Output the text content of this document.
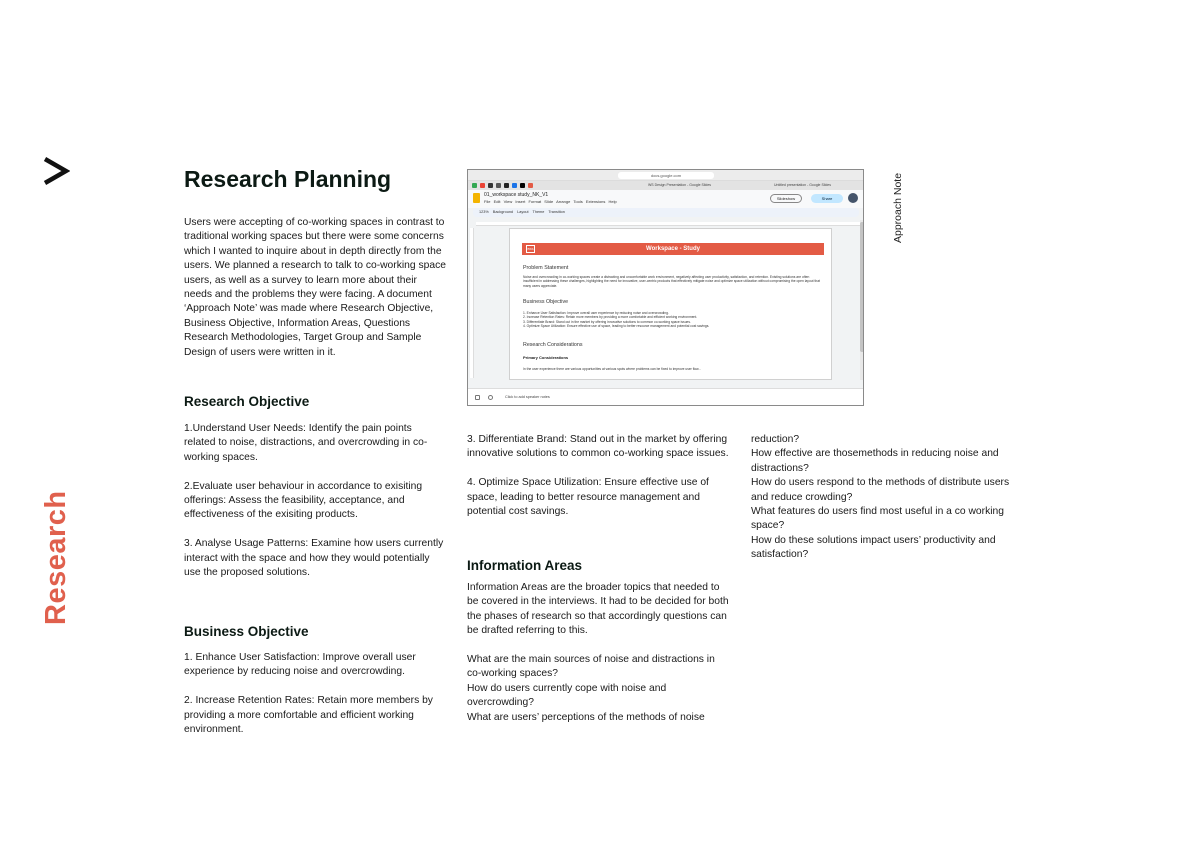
Research
Approach Note
Research Planning
Users were accepting of co-working spaces in contrast to traditional working spaces but there were some concerns which I wanted to inquire about in depth directly from the users. We planned a research to talk to co-working space users, as well as a survey to learn more about their needs and the problems they were facing. A document ‘Approach Note’ was made where Research Objective, Business Objective, Information Areas, Questions Research Methodologies, Target Group and Sample Design of users were written in it.
Research Objective

1.Understand User Needs: Identify the pain points related to noise, distractions, and overcrowding in co-working spaces.

2.Evaluate user behaviour in accordance to exisiting offerings: Assess the feasibility, acceptance, and effectiveness of the exisiting products.

3. Analyse Usage Patterns: Examine how users currently interact with the space and how they would potentially use the proposed solutions.

Business Objective

1. Enhance User Satisfaction: Improve overall user experience by reducing noise and overcrowding.

2. Increase Retention Rates: Retain more members by providing a more comfortable and efficient working environment.

3. Differentiate Brand: Stand out in the market by offering innovative solutions to common co-working space issues.

4. Optimize Space Utilization: Ensure effective use of space, leading to better resource management and potential cost savings.

Information Areas
Information Areas are the broader topics that needed to be covered in the interviews. It had to be decided for both the phases of research so that accordingly questions can be drafted referring to this.

What are the main sources of noise and distractions in co-working spaces?

How do users currently cope with noise and overcrowding?

What are users’ perceptions of the methods of noise

reduction?

How effective are thosemethods in reducing noise and distractions?

How do users respond to the methods of distribute users and reduce crowding?

What features do users find most useful in a co working space?

How do these solutions impact users’ productivity and satisfaction?

docs.google.com
WS Design Presentation - Google Slides	Untitled presentation - Google Slides
01_workspace study_NK_V1
File Edit View Insert Format Slide Arrange Tools Extensions Help
Slideshow	Share
123% Background Layout Theme Transition
BSS	Workspace - Study
Problem Statement
Noise and overcrowding in co-working spaces create a distracting and uncomfortable work environment, negatively affecting user productivity, satisfaction, and retention. Existing solutions are often insufficient in addressing these challenges, highlighting the need for innovative, user-centric products that effectively mitigate noise and optimize space utilization without compromising the open layout that many users appreciate.
Business Objective
1. Enhance User Satisfaction: Improve overall user experience by reducing noise and overcrowding.
2. Increase Retention Rates: Retain more members by providing a more comfortable and efficient working environment.
3. Differentiate Brand: Stand out in the market by offering innovative solutions to common co-working space issues.
4. Optimize Space Utilization: Ensure effective use of space, leading to better resource management and potential cost savings.
Research Considerations
Primary Considerations
In the user experience there are various opportunities at various spots where problems can be fixed to improve user flow...
Click to add speaker notes
